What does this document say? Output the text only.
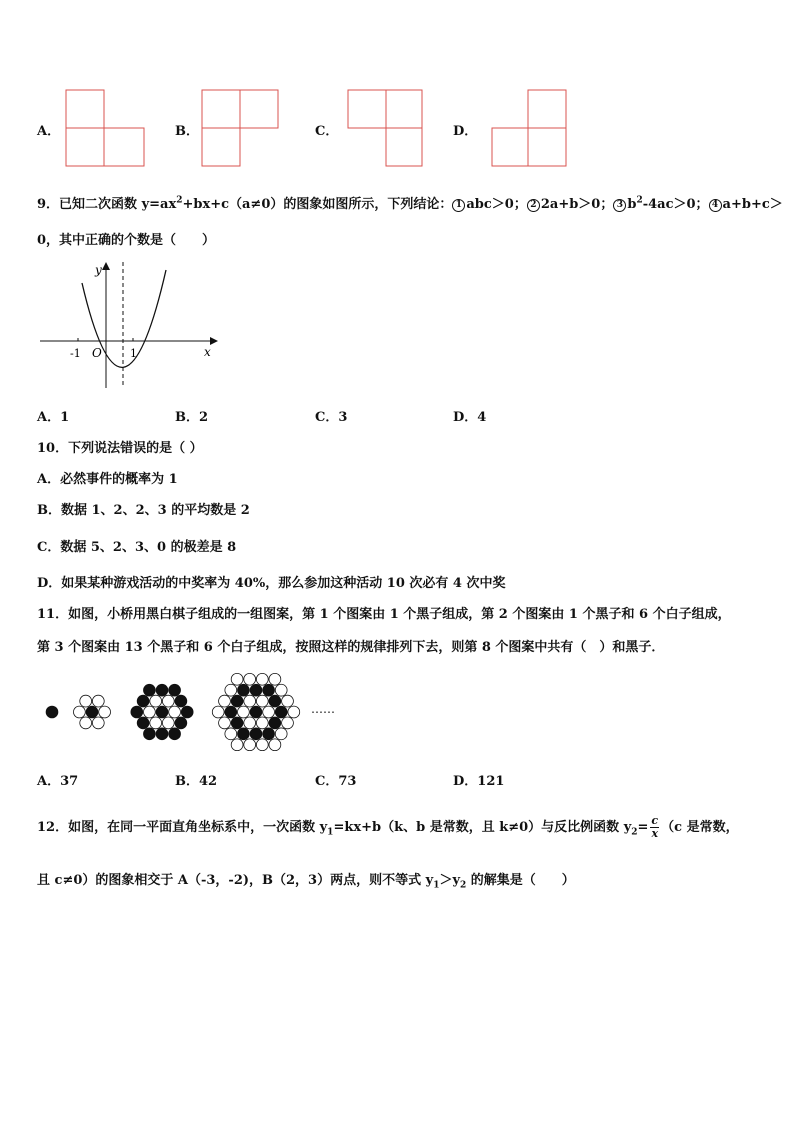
A．	B．	C．	D．
9．已知二次函数 $y=ax^2+bx+c(a\ne 0)$的图象如图所示，下列结论： 1 abc＞0； 2 2a+b＞0； 3 $b^2-4ac>0$； 4 a+b+c＞
0，其中正确的个数是（　　）
y
x
O
-1	1
A．1	B．2	C．3	D．4
10．下列说法错误的是（ ）
A．必然事件的概率为 1
B．数据 1、2、2、3 的平均数是 2
C．数据 5、2、3、0 的极差是 8
D．如果某种游戏活动的中奖率为 40%，那么参加这种活动 10 次必有 4 次中奖
11．如图，小桥用黑白棋子组成的一组图案，第 1 个图案由 1 个黑子组成，第 2 个图案由 1 个黑子和 6 个白子组成，
第 3 个图案由 13 个黑子和 6 个白子组成，按照这样的规律排列下去，则第 8 个图案中共有（　）和黑子．
……
A．37	B．42	C．73	D．121
12．如图，在同一平面直角坐标系中，一次函数 $y_1=kx+b(k$、b 是常数，且 k≠0）与反比例函数 $y_2= \frac{c}{x} (c$ 是常数，
且 c≠0）的图象相交于 A（-3，-2)，B（2，3）两点，则不等式 $y_1>y_2$ 的解集是（　　）
